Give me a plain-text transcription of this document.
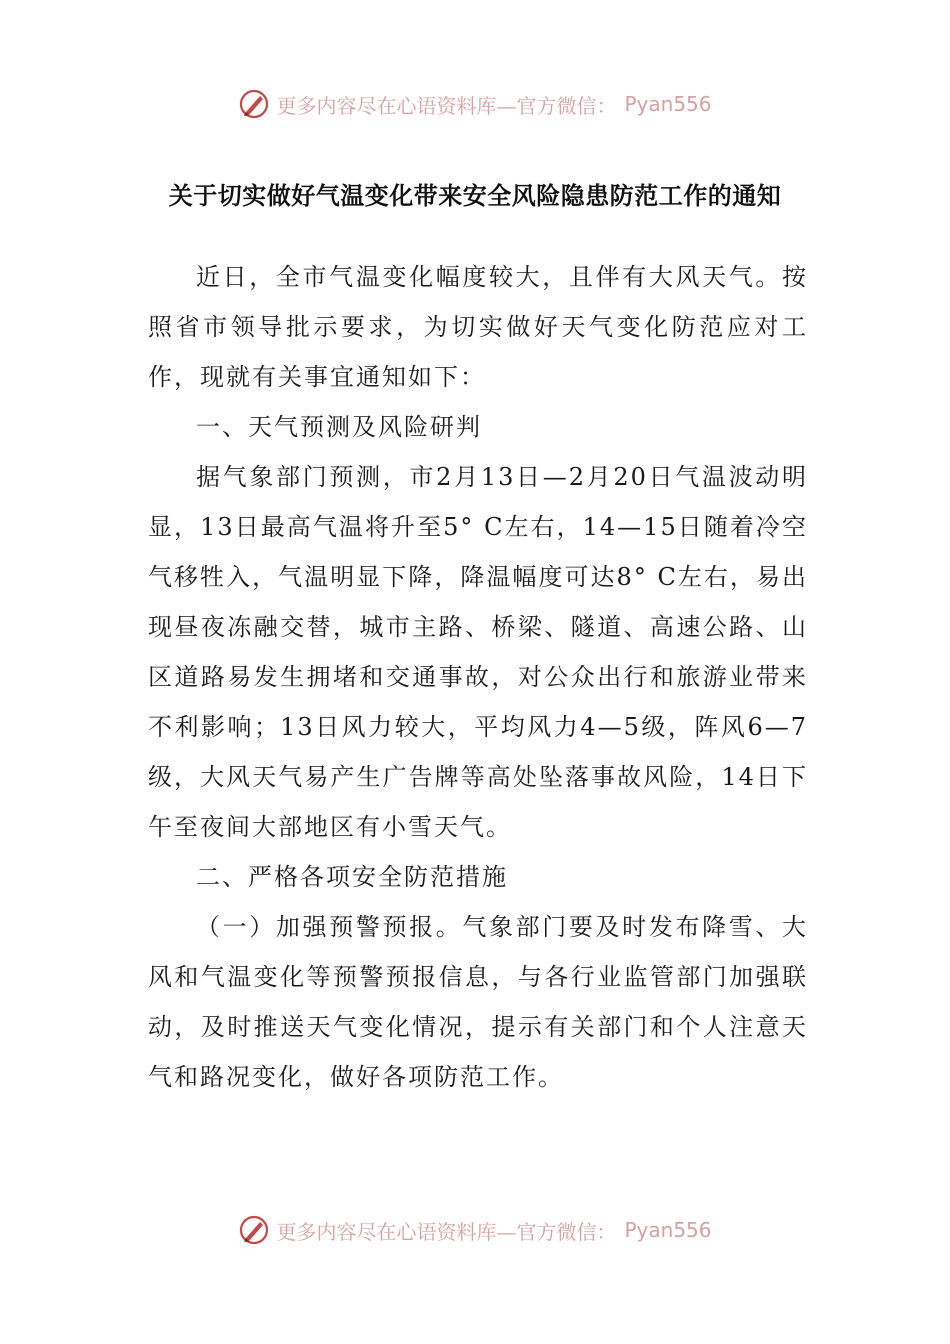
更多内容尽在心语资料库—官方微信： Pyan556
关于切实做好气温变化带来安全风险隐患防范工作的通知

近日，全市气温变化幅度较大，且伴有大风天气。按照省市领导批示要求，为切实做好天气变化防范应对工作，现就有关事宜通知如下：

一、天气预测及风险研判

据气象部门预测，市2月13日—2月20日气温波动明显，13日最高气温将升至5° C左右，14—15日随着冷空气移牲入，气温明显下降，降温幅度可达8° C左右，易出现昼夜冻融交替，城市主路、桥梁、隧道、高速公路、山区道路易发生拥堵和交通事故，对公众出行和旅游业带来不利影响；13日风力较大，平均风力4—5级，阵风6—7级，大风天气易产生广告牌等高处坠落事故风险，14日下午至夜间大部地区有小雪天气。

二、严格各项安全防范措施

（一）加强预警预报。气象部门要及时发布降雪、大风和气温变化等预警预报信息，与各行业监管部门加强联动，及时推送天气变化情况，提示有关部门和个人注意天气和路况变化，做好各项防范工作。

更多内容尽在心语资料库—官方微信： Pyan556
